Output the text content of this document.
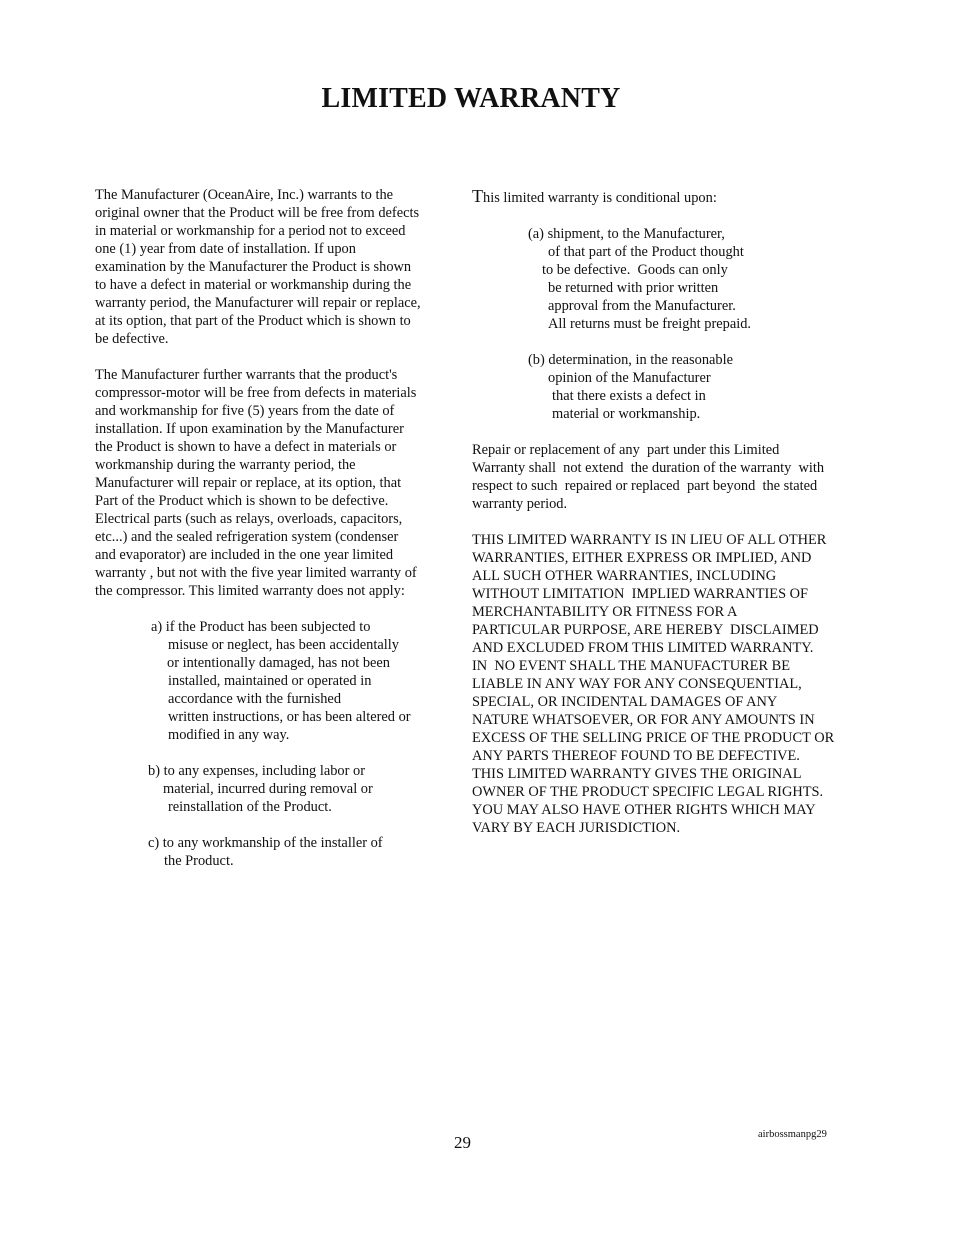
LIMITED WARRANTY
The Manufacturer (OceanAire, Inc.) warrants to the
original owner that the Product will be free from defects
in material or workmanship for a period not to exceed
one (1) year from date of installation. If upon
examination by the Manufacturer the Product is shown
to have a defect in material or workmanship during the
warranty period, the Manufacturer will repair or replace,
at its option, that part of the Product which is shown to
be defective.
The Manufacturer further warrants that the product's
compressor-motor will be free from defects in materials
and workmanship for five (5) years from the date of
installation. If upon examination by the Manufacturer
the Product is shown to have a defect in materials or
workmanship during the warranty period, the
Manufacturer will repair or replace, at its option, that
Part of the Product which is shown to be defective.
Electrical parts (such as relays, overloads, capacitors,
etc...) and the sealed refrigeration system (condenser
and evaporator) are included in the one year limited
warranty , but not with the five year limited warranty of
the compressor. This limited warranty does not apply:
a) if the Product has been subjected to
misuse or neglect, has been accidentally
or intentionally damaged, has not been
installed, maintained or operated in
accordance with the furnished
written instructions, or has been altered or
modified in any way.
b) to any expenses, including labor or
material, incurred during removal or
reinstallation of the Product.
c) to any workmanship of the installer of
the Product.
This limited warranty is conditional upon:
(a) shipment, to the Manufacturer,
of that part of the Product thought
to be defective.  Goods can only
be returned with prior written
approval from the Manufacturer.
All returns must be freight prepaid.
(b) determination, in the reasonable
opinion of the Manufacturer
that there exists a defect in
material or workmanship.
Repair or replacement of any  part under this Limited
Warranty shall  not extend  the duration of the warranty  with
respect to such  repaired or replaced  part beyond  the stated
warranty period.
THIS LIMITED WARRANTY IS IN LIEU OF ALL OTHER
WARRANTIES, EITHER EXPRESS OR IMPLIED, AND
ALL SUCH OTHER WARRANTIES, INCLUDING
WITHOUT LIMITATION  IMPLIED WARRANTIES OF
MERCHANTABILITY OR FITNESS FOR A
PARTICULAR PURPOSE, ARE HEREBY  DISCLAIMED
AND EXCLUDED FROM THIS LIMITED WARRANTY.
IN  NO EVENT SHALL THE MANUFACTURER BE
LIABLE IN ANY WAY FOR ANY CONSEQUENTIAL,
SPECIAL, OR INCIDENTAL DAMAGES OF ANY
NATURE WHATSOEVER, OR FOR ANY AMOUNTS IN
EXCESS OF THE SELLING PRICE OF THE PRODUCT OR
ANY PARTS THEREOF FOUND TO BE DEFECTIVE.
THIS LIMITED WARRANTY GIVES THE ORIGINAL
OWNER OF THE PRODUCT SPECIFIC LEGAL RIGHTS.
YOU MAY ALSO HAVE OTHER RIGHTS WHICH MAY
VARY BY EACH JURISDICTION.
29	airbossmanpg29
